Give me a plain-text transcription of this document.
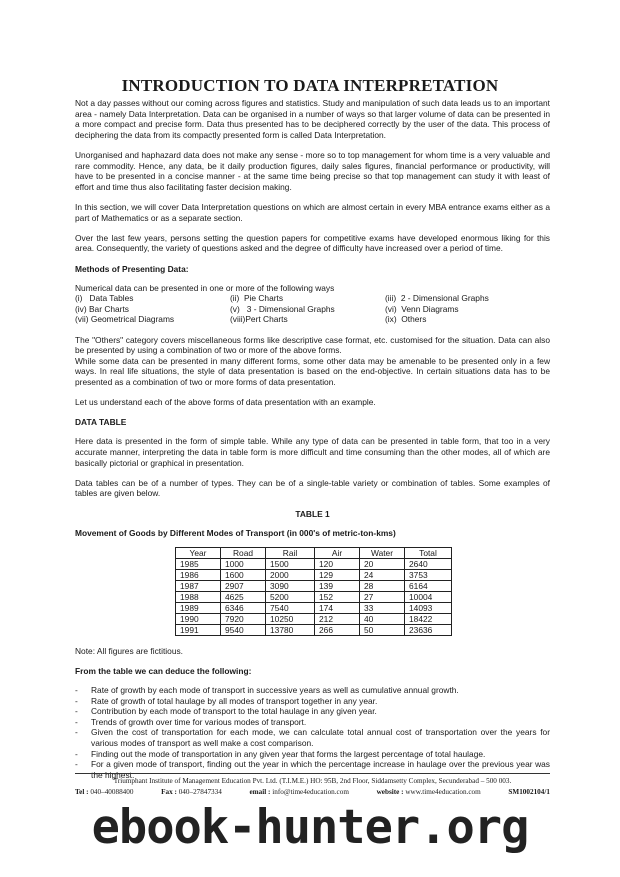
INTRODUCTION TO DATA INTERPRETATION

Not a day passes without our coming across figures and statistics. Study and manipulation of such data leads us to an important area - namely Data Interpretation. Data can be organised in a number of ways so that larger volume of data can be presented in a more compact and precise form. Data thus presented has to be deciphered correctly by the user of the data. This process of deciphering the data from its compactly presented form is called Data Interpretation.

Unorganised and haphazard data does not make any sense - more so to top management for whom time is a very valuable and rare commodity. Hence, any data, be it daily production figures, daily sales figures, financial performance or productivity, will have to be presented in a concise manner - at the same time being precise so that top management can study it with least of effort and time thus also facilitating faster decision making.

In this section, we will cover Data Interpretation questions on which are almost certain in every MBA entrance exams either as a part of Mathematics or as a separate section.

Over the last few years, persons setting the question papers for competitive exams have developed enormous liking for this area. Consequently, the variety of questions asked and the degree of difficulty have increased over a period of time.

Methods of Presenting Data:
Numerical data can be presented in one or more of the following ways
(i)   Data Tables	(ii)  Pie Charts	(iii)  2 - Dimensional Graphs
(iv) Bar Charts	(v)   3 - Dimensional Graphs	(vi)  Venn Diagrams
(vii) Geometrical Diagrams	(viii)Pert Charts	(ix)  Others

The "Others" category covers miscellaneous forms like descriptive case format, etc. customised for the situation. Data can also be presented by using a combination of two or more of the above forms.

While some data can be presented in many different forms, some other data may be amenable to be presented only in a few ways. In real life situations, the style of data presentation is based on the end-objective. In certain situations data has to be presented as a combination of two or more forms of data presentation.

Let us understand each of the above forms of data presentation with an example.

DATA TABLE

Here data is presented in the form of simple table. While any type of data can be presented in table form, that too in a very accurate manner, interpreting the data in table form is more difficult and time consuming than the other modes, all of which are basically pictorial or graphical in presentation.

Data tables can be of a number of types. They can be of a single-table variety or combination of tables. Some examples of tables are given below.

TABLE 1
Movement of Goods by Different Modes of Transport (in 000's of metric-ton-kms)
Year	Road	Rail	Air	Water	Total
1985	1000	1500	120	20	2640
1986	1600	2000	129	24	3753
1987	2907	3090	139	28	6164
1988	4625	5200	152	27	10004
1989	6346	7540	174	33	14093
1990	7920	10250	212	40	18422
1991	9540	13780	266	50	23636

Note: All figures are fictitious.

From the table we can deduce the following:
- Rate of growth by each mode of transport in successive years as well as cumulative annual growth.
- Rate of growth of total haulage by all modes of transport together in any year.
- Contribution by each mode of transport to the total haulage in any given year.
- Trends of growth over time for various modes of transport.
- Given the cost of transportation for each mode, we can calculate total annual cost of transportation over the years for various modes of transport as well make a cost comparison.
- Finding out the mode of transportation in any given year that forms the largest percentage of total haulage.
- For a given mode of transport, finding out the year in which the percentage increase in haulage over the previous year was the highest.
Triumphant Institute of Management Education Pvt. Ltd. (T.I.M.E.) HO: 95B, 2nd Floor, Siddamsetty Complex, Secunderabad – 500 003.
Tel : 040–40088400	Fax : 040–27847334	email : info@time4education.com	website : www.time4education.com	SM1002104/1
ebook-hunter.org
